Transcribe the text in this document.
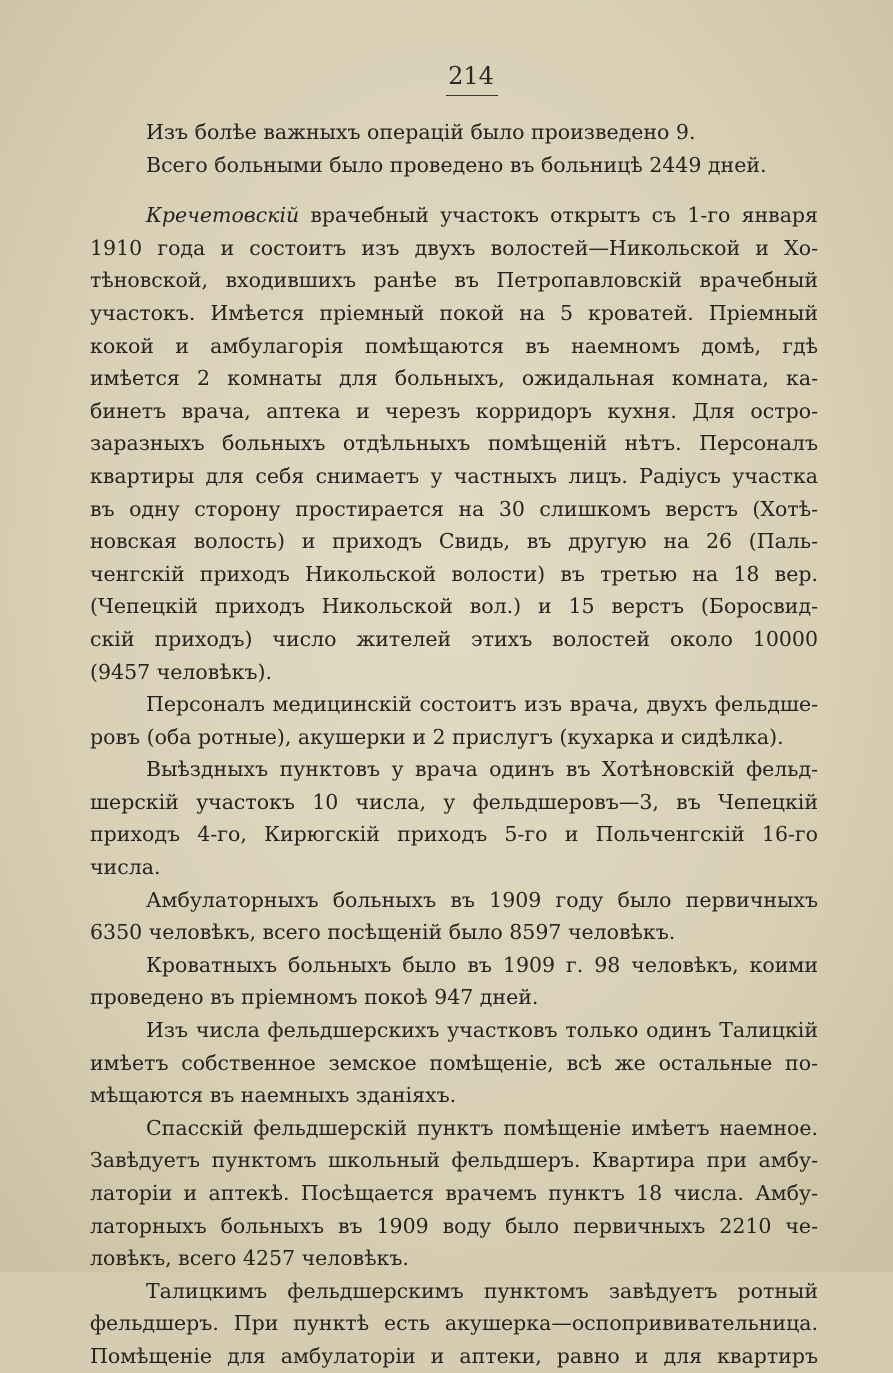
214
Изъ болѣе важныхъ операцій было произведено 9.
Всего больными было проведено въ больницѣ 2449 дней.
Кречетовскій врачебный участокъ открытъ съ 1-го января
1910 года и состоитъ изъ двухъ волостей—Никольской и Хо-
тѣновской, входившихъ ранѣе въ Петропавловскій врачебный
участокъ. Имѣется пріемный покой на 5 кроватей. Пріемный
кокой и амбулагорія помѣщаются въ наемномъ домѣ, гдѣ
имѣется 2 комнаты для больныхъ, ожидальная комната, ка-
бинетъ врача, аптека и черезъ корридоръ кухня. Для остро-
заразныхъ больныхъ отдѣльныхъ помѣщеній нѣтъ. Персоналъ
квартиры для себя снимаетъ у частныхъ лицъ. Радіусъ участка
въ одну сторону простирается на 30 слишкомъ верстъ (Хотѣ-
новская волость) и приходъ Свидь, въ другую на 26 (Паль-
ченгскій приходъ Никольской волости) въ третью на 18 вер.
(Чепецкій приходъ Никольской вол.) и 15 верстъ (Боросвид-
скій приходъ) число жителей этихъ волостей около 10000
(9457 человѣкъ).
Персоналъ медицинскій состоитъ изъ врача, двухъ фельдше-
ровъ (оба ротные), акушерки и 2 прислугъ (кухарка и сидѣлка).
Выѣздныхъ пунктовъ у врача одинъ въ Хотѣновскій фельд-
шерскій участокъ 10 числа, у фельдшеровъ—3, въ Чепецкій
приходъ 4-го, Кирюгскій приходъ 5-го и Польченгскій 16-го
числа.
Амбулаторныхъ больныхъ въ 1909 году было первичныхъ
6350 человѣкъ, всего посѣщеній было 8597 человѣкъ.
Кроватныхъ больныхъ было въ 1909 г. 98 человѣкъ, коими
проведено въ пріемномъ покоѣ 947 дней.
Изъ числа фельдшерскихъ участковъ только одинъ Талицкій
имѣетъ собственное земское помѣщеніе, всѣ же остальные по-
мѣщаются въ наемныхъ зданіяхъ.
Спасскій фельдшерскій пунктъ помѣщеніе имѣетъ наемное.
Завѣдуетъ пунктомъ школьный фельдшеръ. Квартира при амбу-
латоріи и аптекѣ. Посѣщается врачемъ пунктъ 18 числа. Амбу-
латорныхъ больныхъ въ 1909 воду было первичныхъ 2210 че-
ловѣкъ, всего 4257 человѣкъ.
Талицкимъ фельдшерскимъ пунктомъ завѣдуетъ ротный
фельдшеръ. При пунктѣ есть акушерка—оспопрививательница.
Помѣщеніе для амбулаторіи и аптеки, равно и для квартиръ
